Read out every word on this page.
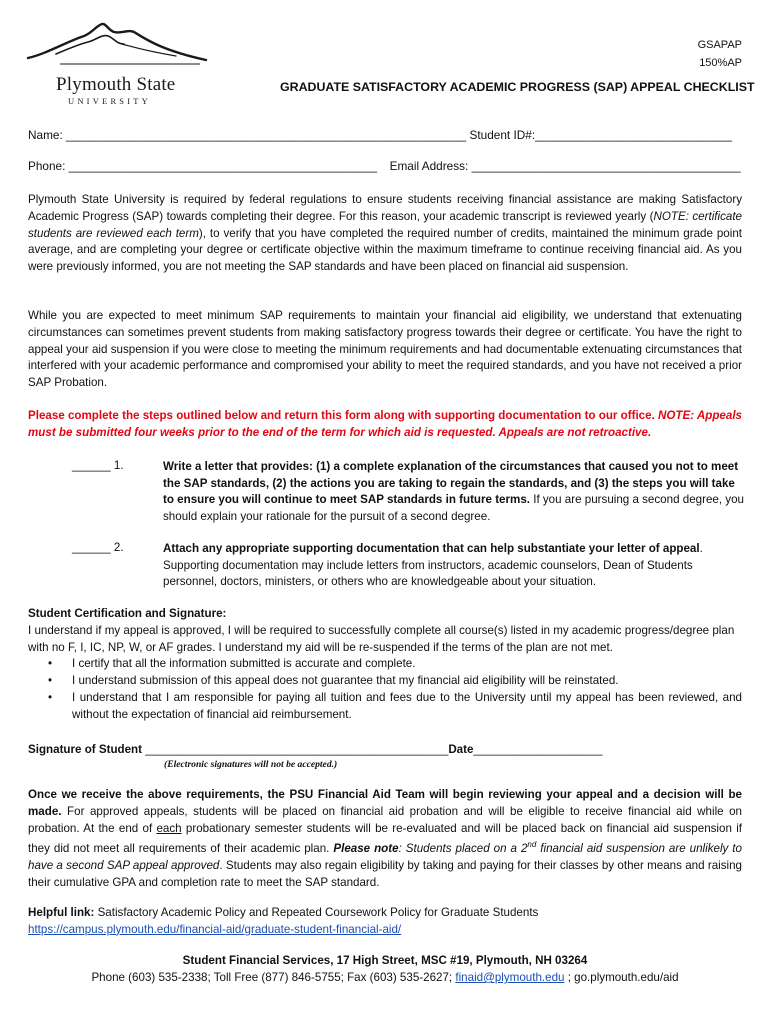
Plymouth State
UNIVERSITY
GSAPAP
150%AP
GRADUATE SATISFACTORY ACADEMIC PROGRESS (SAP) APPEAL CHECKLIST
Name: _____________________________________________________________ Student ID#:______________________________
Phone: _______________________________________________ Email Address: _________________________________________
Plymouth State University is required by federal regulations to ensure students receiving financial assistance are making Satisfactory Academic Progress (SAP) towards completing their degree. For this reason, your academic transcript is reviewed yearly (NOTE: certificate students are reviewed each term), to verify that you have completed the required number of credits, maintained the minimum grade point average, and are completing your degree or certificate objective within the maximum timeframe to continue receiving financial aid. As you were previously informed, you are not meeting the SAP standards and have been placed on financial aid suspension.
While you are expected to meet minimum SAP requirements to maintain your financial aid eligibility, we understand that extenuating circumstances can sometimes prevent students from making satisfactory progress towards their degree or certificate. You have the right to appeal your aid suspension if you were close to meeting the minimum requirements and had documentable extenuating circumstances that interfered with your academic performance and compromised your ability to meet the required standards, and you have not received a prior SAP Probation.
Please complete the steps outlined below and return this form along with supporting documentation to our office. NOTE: Appeals must be submitted four weeks prior to the end of the term for which aid is requested. Appeals are not retroactive.
______ 1.	Write a letter that provides: (1) a complete explanation of the circumstances that caused you not to meet the SAP standards, (2) the actions you are taking to regain the standards, and (3) the steps you will take to ensure you will continue to meet SAP standards in future terms. If you are pursuing a second degree, you should explain your rationale for the pursuit of a second degree.
______ 2.	Attach any appropriate supporting documentation that can help substantiate your letter of appeal. Supporting documentation may include letters from instructors, academic counselors, Dean of Students personnel, doctors, ministers, or others who are knowledgeable about your situation.
Student Certification and Signature:
I understand if my appeal is approved, I will be required to successfully complete all course(s) listed in my academic progress/degree plan with no F, I, IC, NP, W, or AF grades. I understand my aid will be re-suspended if the terms of the plan are not met.
• I certify that all the information submitted is accurate and complete.
• I understand submission of this appeal does not guarantee that my financial aid eligibility will be reinstated.
• I understand that I am responsible for paying all tuition and fees due to the University until my appeal has been reviewed, and without the expectation of financial aid reimbursement.
Signature of Student _______________________________________________Date____________________
(Electronic signatures will not be accepted.)
Once we receive the above requirements, the PSU Financial Aid Team will begin reviewing your appeal and a decision will be made. For approved appeals, students will be placed on financial aid probation and will be eligible to receive financial aid while on probation. At the end of each probationary semester students will be re-evaluated and will be placed back on financial aid suspension if they did not meet all requirements of their academic plan. Please note: Students placed on a 2nd financial aid suspension are unlikely to have a second SAP appeal approved. Students may also regain eligibility by taking and paying for their classes by other means and raising their cumulative GPA and completion rate to meet the SAP standard.
Helpful link: Satisfactory Academic Policy and Repeated Coursework Policy for Graduate Students
https://campus.plymouth.edu/financial-aid/graduate-student-financial-aid/
Student Financial Services, 17 High Street, MSC #19, Plymouth, NH 03264
Phone (603) 535-2338; Toll Free (877) 846-5755; Fax (603) 535-2627; finaid@plymouth.edu ; go.plymouth.edu/aid
